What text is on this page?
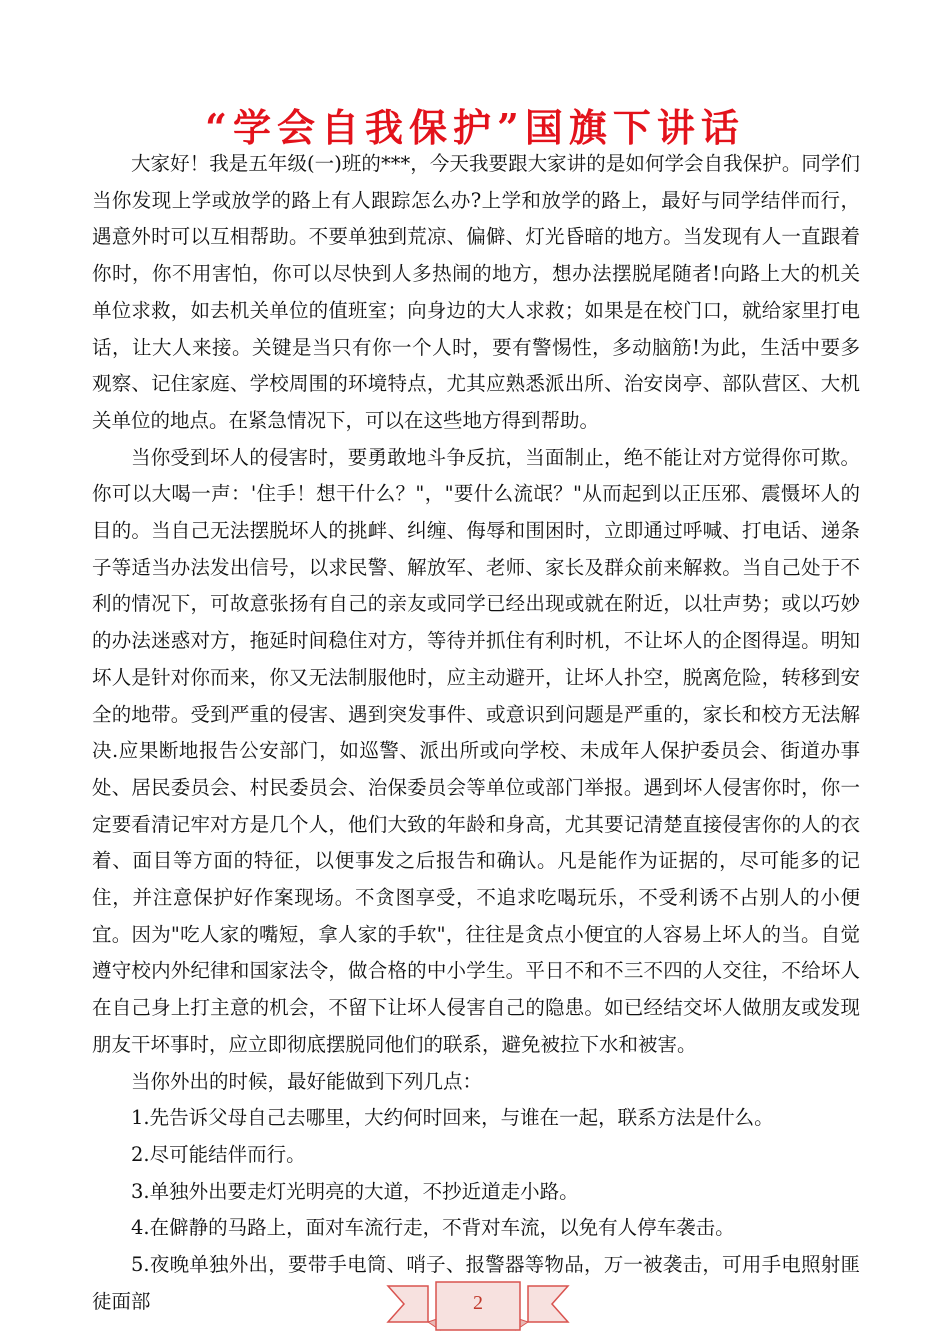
“学会自我保护”国旗下讲话

大家好！我是五年级(一)班的***，今天我要跟大家讲的是如何学会自我保护。同学们当你发现上学或放学的路上有人跟踪怎么办?上学和放学的路上，最好与同学结伴而行，遇意外时可以互相帮助。不要单独到荒凉、偏僻、灯光昏暗的地方。当发现有人一直跟着你时，你不用害怕，你可以尽快到人多热闹的地方，想办法摆脱尾随者!向路上大的机关单位求救，如去机关单位的值班室；向身边的大人求救；如果是在校门口，就给家里打电话，让大人来接。关键是当只有你一个人时，要有警惕性，多动脑筋!为此，生活中要多观察、记住家庭、学校周围的环境特点，尤其应熟悉派出所、治安岗亭、部队营区、大机关单位的地点。在紧急情况下，可以在这些地方得到帮助。

当你受到坏人的侵害时，要勇敢地斗争反抗，当面制止，绝不能让对方觉得你可欺。你可以大喝一声：'住手！想干什么？"，"要什么流氓？"从而起到以正压邪、震慑坏人的目的。当自己无法摆脱坏人的挑衅、纠缠、侮辱和围困时，立即通过呼喊、打电话、递条子等适当办法发出信号，以求民警、解放军、老师、家长及群众前来解救。当自己处于不利的情况下，可故意张扬有自己的亲友或同学已经出现或就在附近，以壮声势；或以巧妙的办法迷惑对方，拖延时间稳住对方，等待并抓住有利时机，不让坏人的企图得逞。明知坏人是针对你而来，你又无法制服他时，应主动避开，让坏人扑空，脱离危险，转移到安全的地带。受到严重的侵害、遇到突发事件、或意识到问题是严重的，家长和校方无法解决.应果断地报告公安部门，如巡警、派出所或向学校、未成年人保护委员会、街道办事处、居民委员会、村民委员会、治保委员会等单位或部门举报。遇到坏人侵害你时，你一定要看清记牢对方是几个人，他们大致的年龄和身高，尤其要记清楚直接侵害你的人的衣着、面目等方面的特征，以便事发之后报告和确认。凡是能作为证据的，尽可能多的记住，并注意保护好作案现场。不贪图享受，不追求吃喝玩乐，不受利诱不占别人的小便宜。因为"吃人家的嘴短，拿人家的手软"，往往是贪点小便宜的人容易上坏人的当。自觉遵守校内外纪律和国家法令，做合格的中小学生。平日不和不三不四的人交往，不给坏人在自己身上打主意的机会，不留下让坏人侵害自己的隐患。如已经结交坏人做朋友或发现朋友干坏事时，应立即彻底摆脱同他们的联系，避免被拉下水和被害。

当你外出的时候，最好能做到下列几点：

1.先告诉父母自己去哪里，大约何时回来，与谁在一起，联系方法是什么。

2.尽可能结伴而行。

3.单独外出要走灯光明亮的大道，不抄近道走小路。

4.在僻静的马路上，面对车流行走，不背对车流，以免有人停车袭击。

5.夜晚单独外出，要带手电筒、哨子、报警器等物品，万一被袭击，可用手电照射匪徒面部	2
